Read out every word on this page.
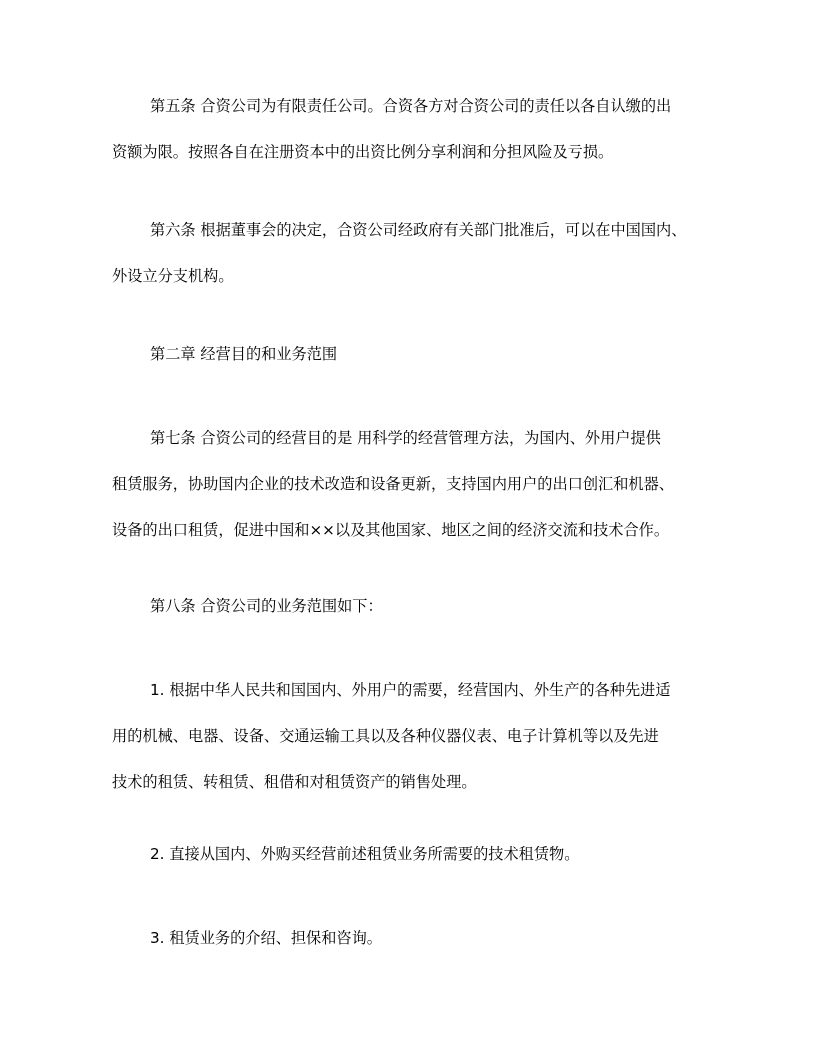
第五条 合资公司为有限责任公司。合资各方对合资公司的责任以各自认缴的出
资额为限。按照各自在注册资本中的出资比例分享利润和分担风险及亏损。
第六条 根据董事会的决定，合资公司经政府有关部门批准后，可以在中国国内、
外设立分支机构。
第二章 经营目的和业务范围
第七条 合资公司的经营目的是 用科学的经营管理方法，为国内、外用户提供
租赁服务，协助国内企业的技术改造和设备更新，支持国内用户的出口创汇和机器、
设备的出口租赁，促进中国和××以及其他国家、地区之间的经济交流和技术合作。
第八条 合资公司的业务范围如下：
1. 根据中华人民共和国国内、外用户的需要，经营国内、外生产的各种先进适
用的机械、电器、设备、交通运输工具以及各种仪器仪表、电子计算机等以及先进
技术的租赁、转租赁、租借和对租赁资产的销售处理。
2. 直接从国内、外购买经营前述租赁业务所需要的技术租赁物。
3. 租赁业务的介绍、担保和咨询。
